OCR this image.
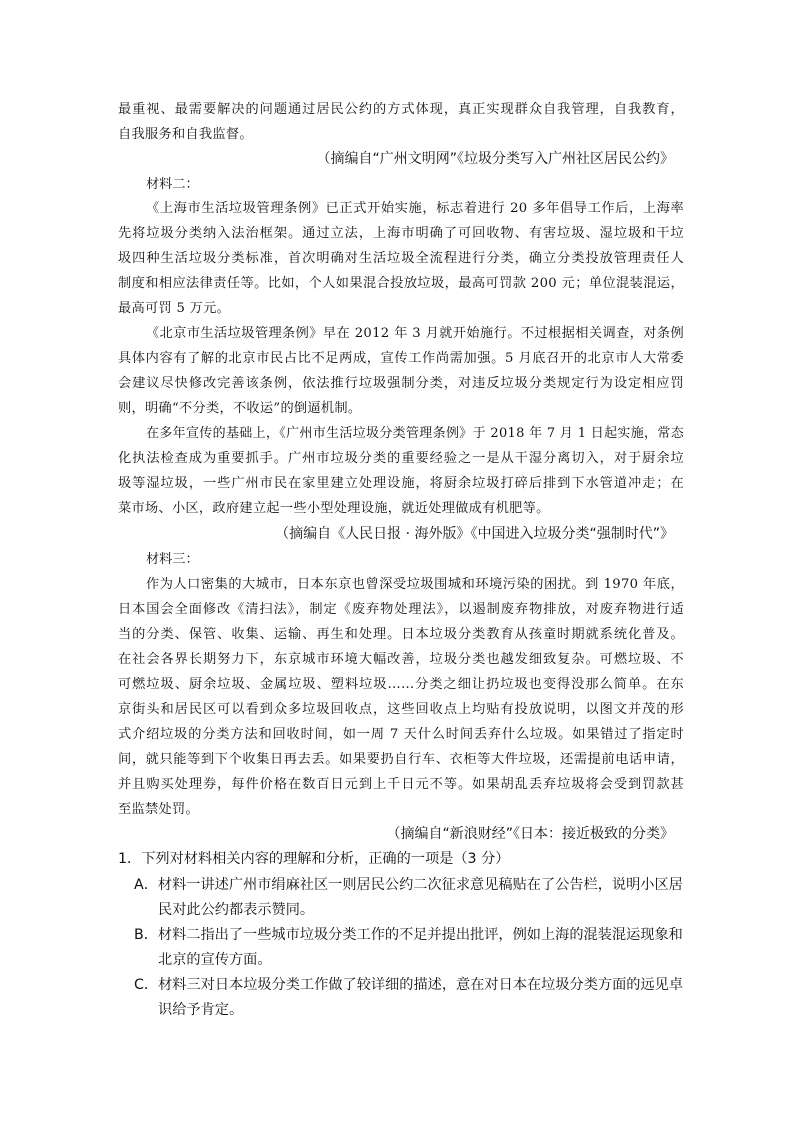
最重视、最需要解决的问题通过居民公约的方式体现，真正实现群众自我管理，自我教育，
自我服务和自我监督。
（摘编自“广州文明网”《垃圾分类写入广州社区居民公约》
材料二：
《上海市生活垃圾管理条例》已正式开始实施，标志着进行 20 多年倡导工作后，上海率
先将垃圾分类纳入法治框架。通过立法，上海市明确了可回收物、有害垃圾、湿垃圾和干垃
圾四种生活垃圾分类标准，首次明确对生活垃圾全流程进行分类，确立分类投放管理责任人
制度和相应法律责任等。比如，个人如果混合投放垃圾，最高可罚款 200 元；单位混装混运，
最高可罚 5 万元。
《北京市生活垃圾管理条例》早在 2012 年 3 月就开始施行。不过根据相关调查，对条例
具体内容有了解的北京市民占比不足两成，宣传工作尚需加强。5 月底召开的北京市人大常委
会建议尽快修改完善该条例，依法推行垃圾强制分类，对违反垃圾分类规定行为设定相应罚
则，明确“不分类，不收运”的倒逼机制。
在多年宣传的基础上，《广州市生活垃圾分类管理条例》于 2018 年 7 月 1 日起实施，常态
化执法检查成为重要抓手。广州市垃圾分类的重要经验之一是从干湿分离切入，对于厨余垃
圾等湿垃圾，一些广州市民在家里建立处理设施，将厨余垃圾打碎后排到下水管道冲走；在
菜市场、小区，政府建立起一些小型处理设施，就近处理做成有机肥等。
（摘编自《人民日报 · 海外版》《中国进入垃圾分类“强制时代”》
材料三：
作为人口密集的大城市，日本东京也曾深受垃圾围城和环境污染的困扰。到 1970 年底，
日本国会全面修改《清扫法》，制定《废弃物处理法》，以遏制废弃物排放，对废弃物进行适
当的分类、保管、收集、运输、再生和处理。日本垃圾分类教育从孩童时期就系统化普及。
在社会各界长期努力下，东京城市环境大幅改善，垃圾分类也越发细致复杂。可燃垃圾、不
可燃垃圾、厨余垃圾、金属垃圾、塑料垃圾……分类之细让扔垃圾也变得没那么简单。在东
京街头和居民区可以看到众多垃圾回收点，这些回收点上均贴有投放说明，以图文并茂的形
式介绍垃圾的分类方法和回收时间，如一周 7 天什么时间丢弃什么垃圾。如果错过了指定时
间，就只能等到下个收集日再去丢。如果要扔自行车、衣柜等大件垃圾，还需提前电话申请，
并且购买处理券，每件价格在数百日元到上千日元不等。如果胡乱丢弃垃圾将会受到罚款甚
至监禁处罚。
（摘编自“新浪财经”《日本：接近极致的分类》
1．下列对材料相关内容的理解和分析，正确的一项是（3 分）
A．材料一讲述广州市绢麻社区一则居民公约二次征求意见稿贴在了公告栏，说明小区居
民对此公约都表示赞同。
B．材料二指出了一些城市垃圾分类工作的不足并提出批评，例如上海的混装混运现象和
北京的宣传方面。
C．材料三对日本垃圾分类工作做了较详细的描述，意在对日本在垃圾分类方面的远见卓
识给予肯定。
